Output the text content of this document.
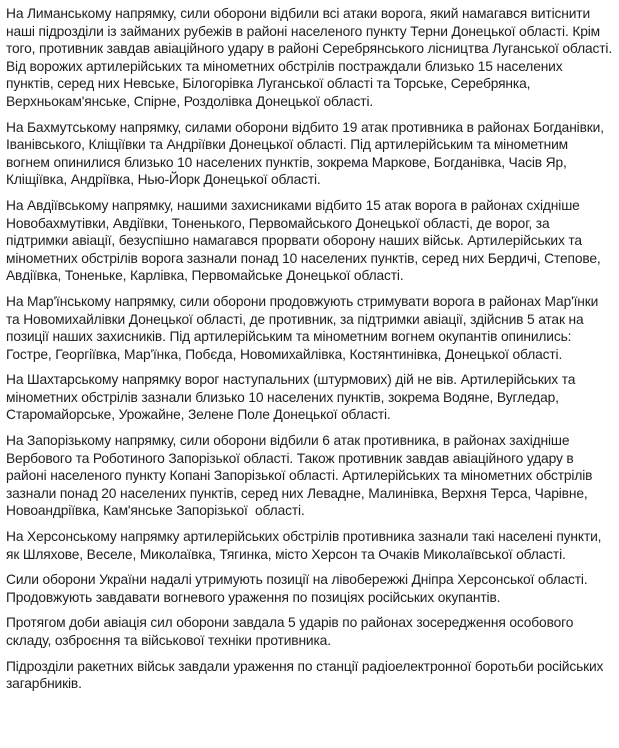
На Лиманському напрямку, сили оборони відбили всі атаки ворога, який намагався витіснити наші підрозділи із займаних рубежів в районі населеного пункту Терни Донецької області. Крім того, противник завдав авіаційного удару в районі Серебрянського лісництва Луганської області. Від ворожих артилерійських та мінометних обстрілів постраждали близько 15 населених пунктів, серед них Невське, Білогорівка Луганської області та Торське, Серебрянка, Верхньокам'янське, Спірне, Роздолівка Донецької області.

На Бахмутському напрямку, силами оборони відбито 19 атак противника в районах Богданівки, Іванівського, Кліщіївки та Андріївки Донецької області. Під артилерійським та мінометним вогнем опинилися близько 10 населених пунктів, зокрема Маркове, Богданівка, Часів Яр, Кліщіївка, Андріївка, Нью-Йорк Донецької області.

На Авдіївському напрямку, нашими захисниками відбито 15 атак ворога в районах східніше Новобахмутівки, Авдіївки, Тоненького, Первомайського Донецької області, де ворог, за підтримки авіації, безуспішно намагався прорвати оборону наших військ. Артилерійських та мінометних обстрілів ворога зазнали понад 10 населених пунктів, серед них Бердичі, Степове, Авдіївка, Тоненьке, Карлівка, Первомайське Донецької області.

На Мар'їнському напрямку, сили оборони продовжують стримувати ворога в районах Мар'їнки та Новомихайлівки Донецької області, де противник, за підтримки авіації, здійснив 5 атак на позиції наших захисників. Під артилерійським та мінометним вогнем окупантів опинились: Гостре, Георгіївка, Мар'їнка, Побєда, Новомихайлівка, Костянтинівка, Донецької області.

На Шахтарському напрямку ворог наступальних (штурмових) дій не вів. Артилерійських та мінометних обстрілів зазнали близько 10 населених пунктів, зокрема Водяне, Вугледар, Старомайорське, Урожайне, Зелене Поле Донецької області.

На Запорізькому напрямку, сили оборони відбили 6 атак противника, в районах західніше Вербового та Роботиного Запорізької області. Також противник завдав авіаційного удару в районі населеного пункту Копані Запорізької області. Артилерійських та мінометних обстрілів зазнали понад 20 населених пунктів, серед них Левадне, Малинівка, Верхня Терса, Чарівне, Новоандріївка, Кам'янське Запорізької  області.

На Херсонському напрямку артилерійських обстрілів противника зазнали такі населені пункти, як Шляхове, Веселе, Миколаївка, Тягинка, місто Херсон та Очаків Миколаївської області.

Сили оборони України надалі утримують позиції на лівобережжі Дніпра Херсонської області. Продовжують завдавати вогневого ураження по позиціях російських окупантів.

Протягом доби авіація сил оборони завдала 5 ударів по районах зосередження особового складу, озброєння та військової техніки противника.

Підрозділи ракетних військ завдали ураження по станції радіоелектронної боротьби російських загарбників.
